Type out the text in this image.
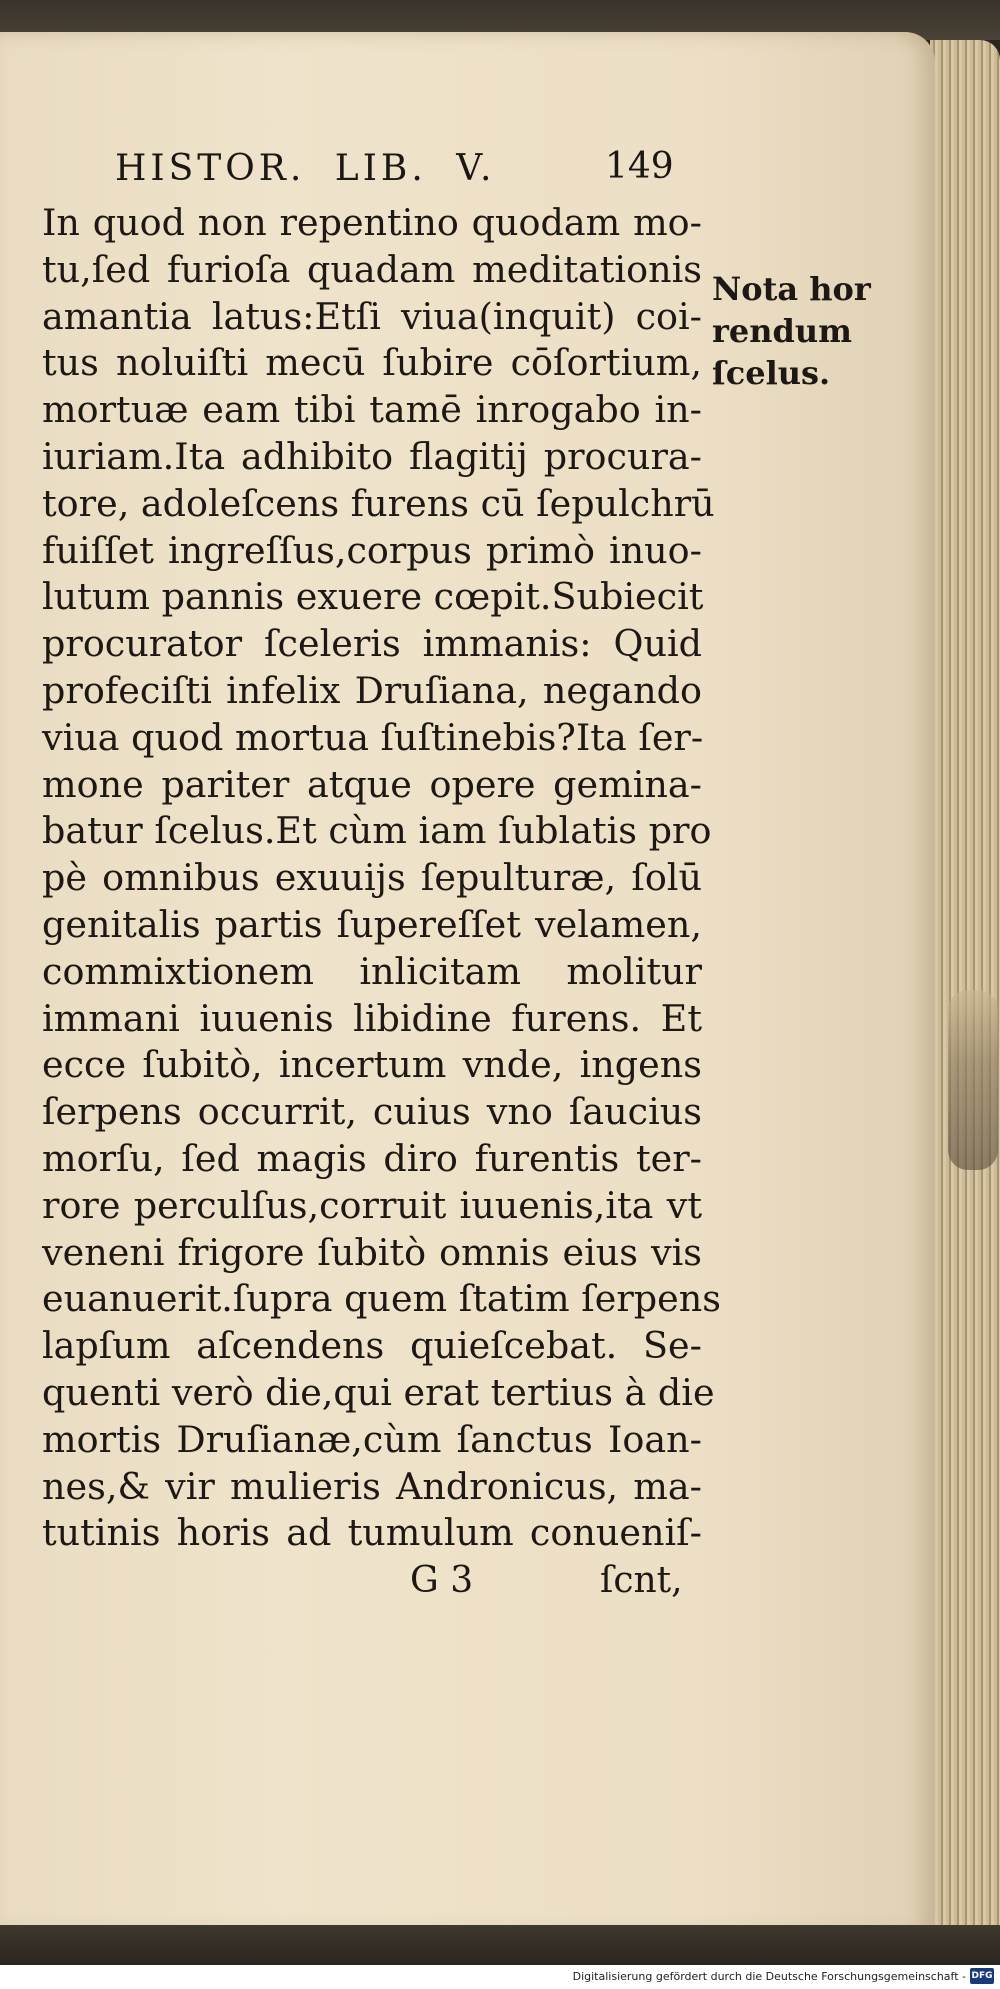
HISTOR. LIB. V.	149
In quod non repentino quodam mo-
tu,ſed furioſa quadam meditationis
amantia latus:Etſi viua(inquit) coi-
tus noluiſti mecū ſubire cōſortium,
mortuæ eam tibi tamē inrogabo in-
iuriam.Ita adhibito flagitij procura-
tore, adoleſcens furens cū ſepulchrū
fuiſſet ingreſſus,corpus primò inuo-
lutum pannis exuere cœpit.Subiecit
procurator ſceleris immanis: Quid
profeciſti infelix Druſiana, negando
viua quod mortua ſuſtinebis?Ita ſer-
mone pariter atque opere gemina-
batur ſcelus.Et cùm iam ſublatis pro
pè omnibus exuuijs ſepulturæ, ſolū
genitalis partis ſupereſſet velamen,
commixtionem inlicitam molitur
immani iuuenis libidine furens. Et
ecce ſubitò, incertum vnde, ingens
ſerpens occurrit, cuius vno ſaucius
morſu, ſed magis diro furentis ter-
rore perculſus,corruit iuuenis,ita vt
veneni frigore ſubitò omnis eius vis
euanuerit.ſupra quem ſtatim ſerpens
lapſum aſcendens quieſcebat. Se-
quenti verò die,qui erat tertius à die
mortis Druſianæ,cùm ſanctus Ioan-
nes,& vir mulieris Andronicus, ma-
tutinis horis ad tumulum conueniſ-
Nota hor
rendum
ſcelus.
G 3	ſcnt,
Digitalisierung gefördert durch die Deutsche Forschungsgemeinschaft - DFG
